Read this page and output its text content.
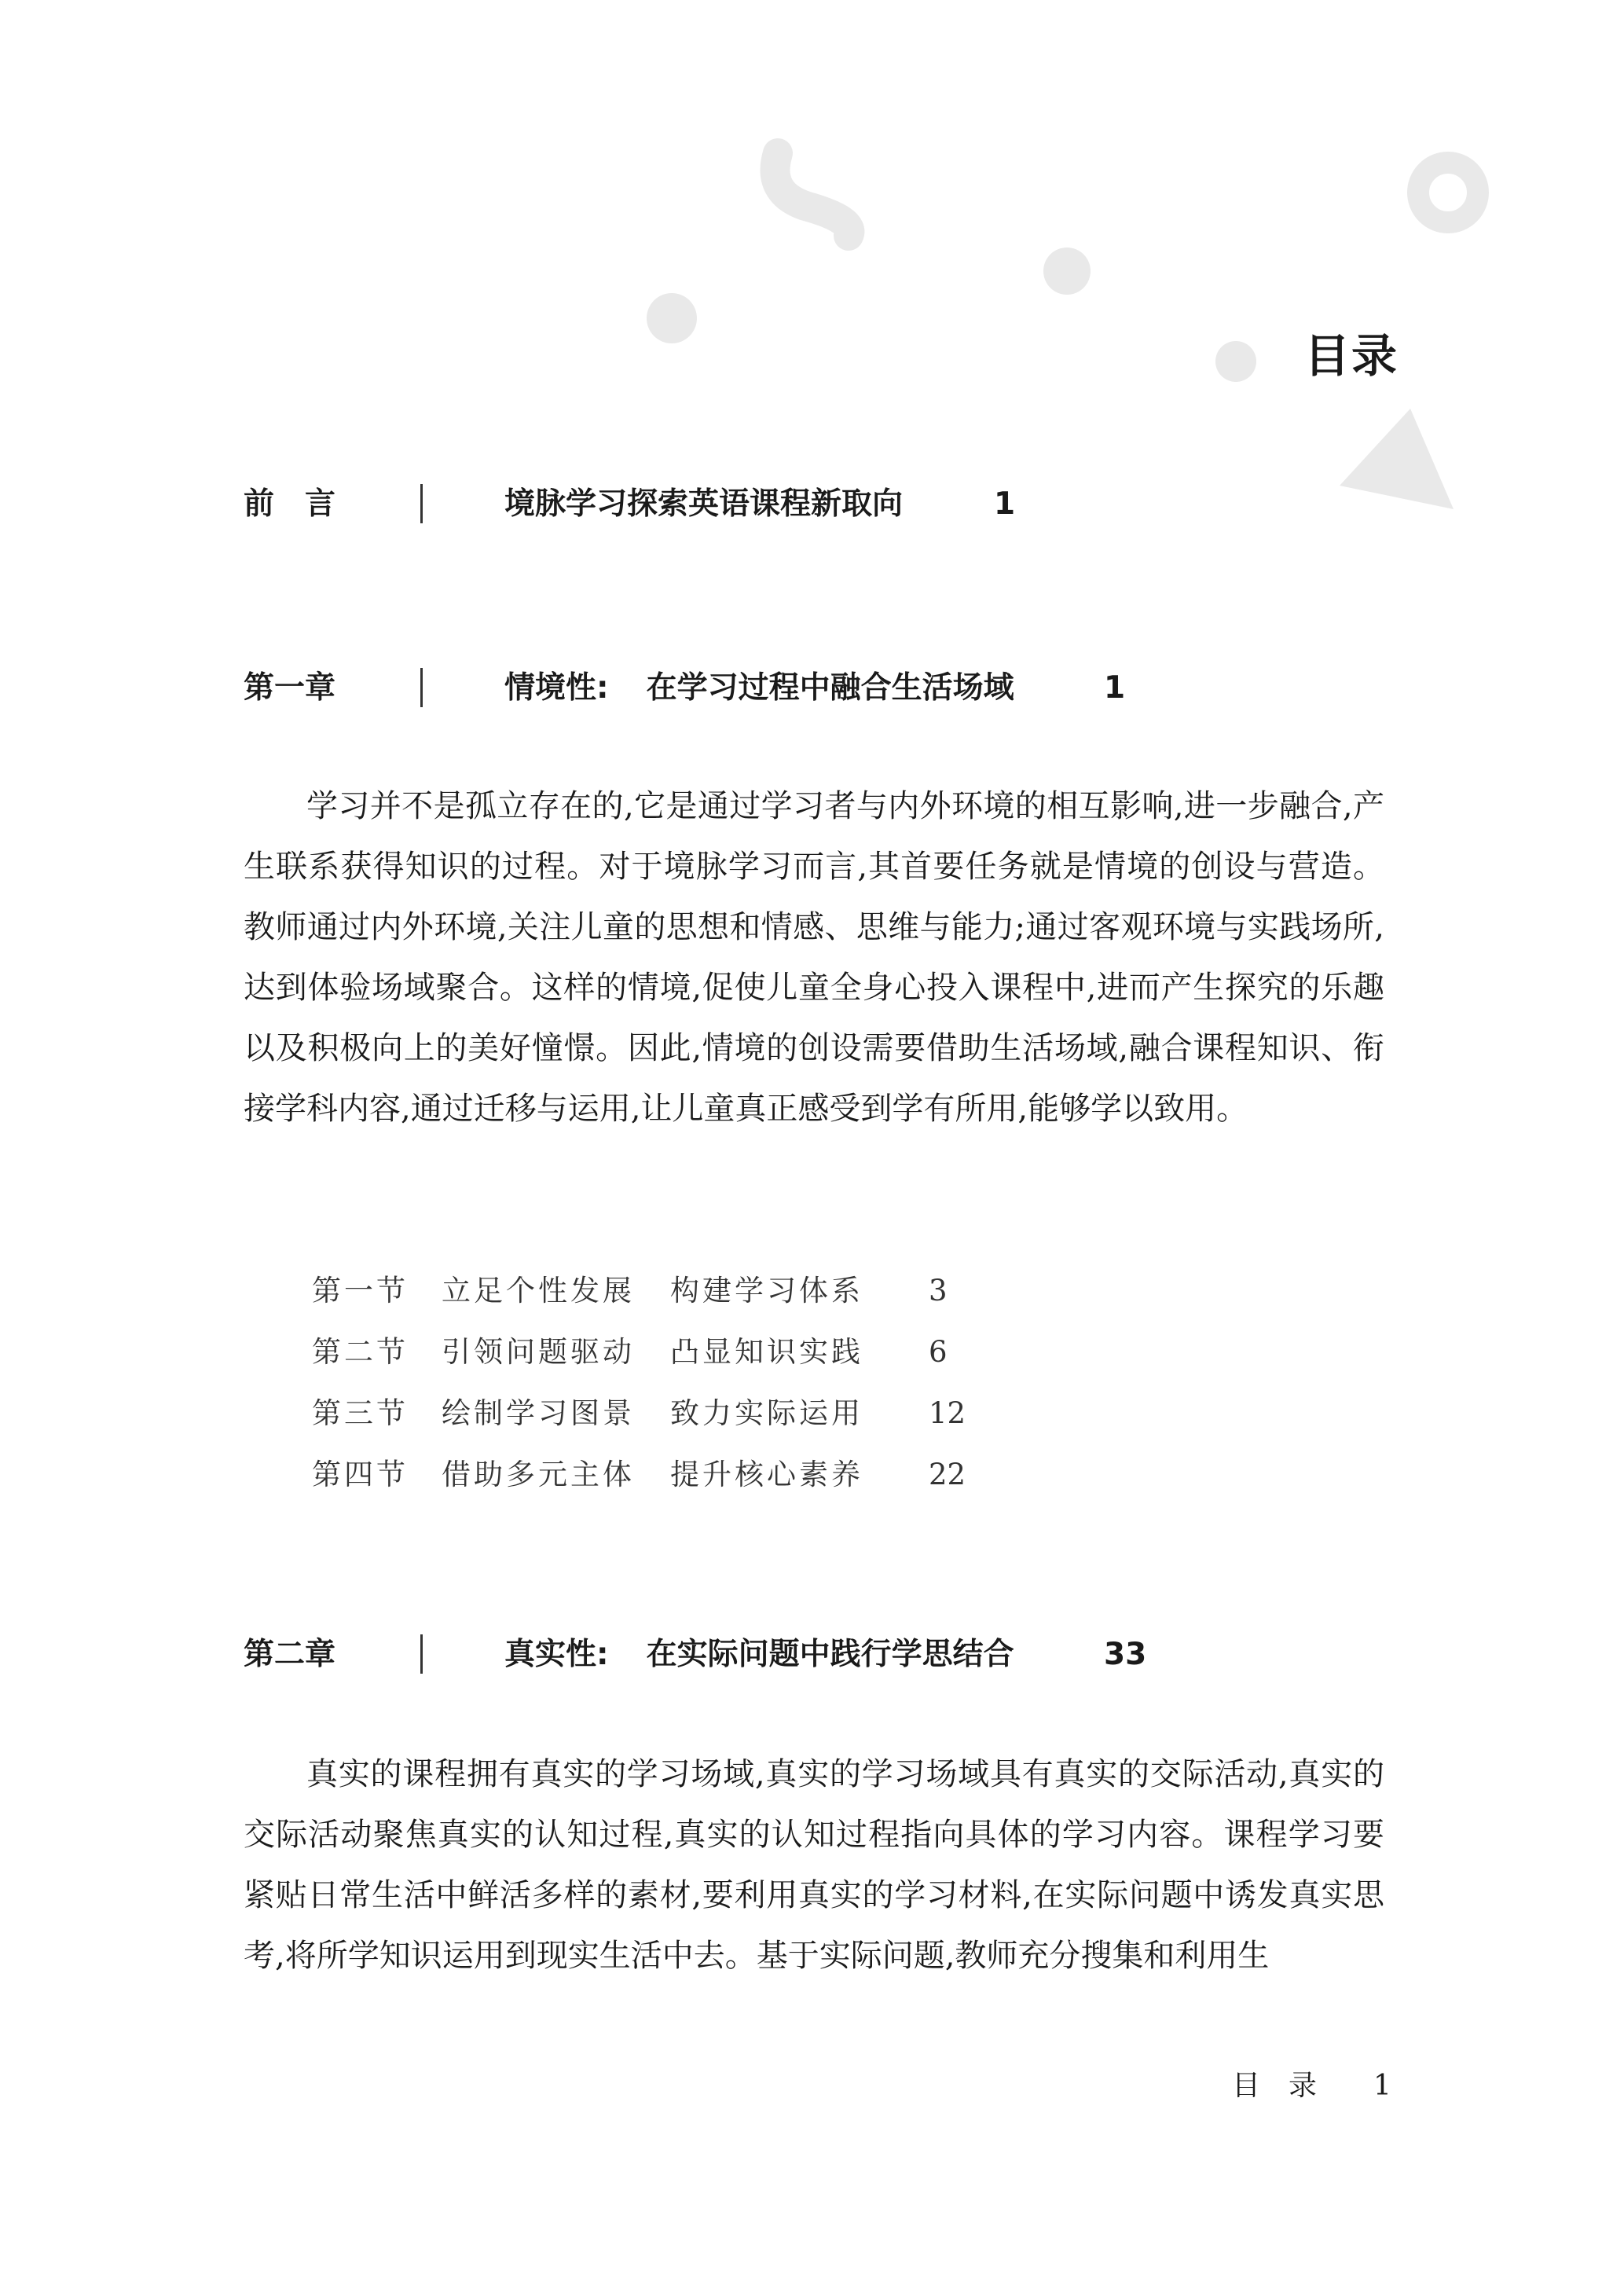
目录
前　言	境脉学习探索英语课程新取向	1
第一章	情境性: 在学习过程中融合生活场域	1

学习并不是孤立存在的,它是通过学习者与内外环境的相互影响,进一步融合,产生联系获得知识的过程。对于境脉学习而言,其首要任务就是情境的创设与营造。教师通过内外环境,关注儿童的思想和情感、思维与能力;通过客观环境与实践场所,达到体验场域聚合。这样的情境,促使儿童全身心投入课程中,进而产生探究的乐趣以及积极向上的美好憧憬。因此,情境的创设需要借助生活场域,融合课程知识、衔接学科内容,通过迁移与运用,让儿童真正感受到学有所用,能够学以致用。

第一节 立足个性发展 构建学习体系 3
第二节 引领问题驱动 凸显知识实践 6
第三节 绘制学习图景 致力实际运用 12
第四节 借助多元主体 提升核心素养 22
第二章	真实性: 在实际问题中践行学思结合	33

真实的课程拥有真实的学习场域,真实的学习场域具有真实的交际活动,真实的交际活动聚焦真实的认知过程,真实的认知过程指向具体的学习内容。课程学习要紧贴日常生活中鲜活多样的素材,要利用真实的学习材料,在实际问题中诱发真实思考,将所学知识运用到现实生活中去。基于实际问题,教师充分搜集和利用生

目　录 1
